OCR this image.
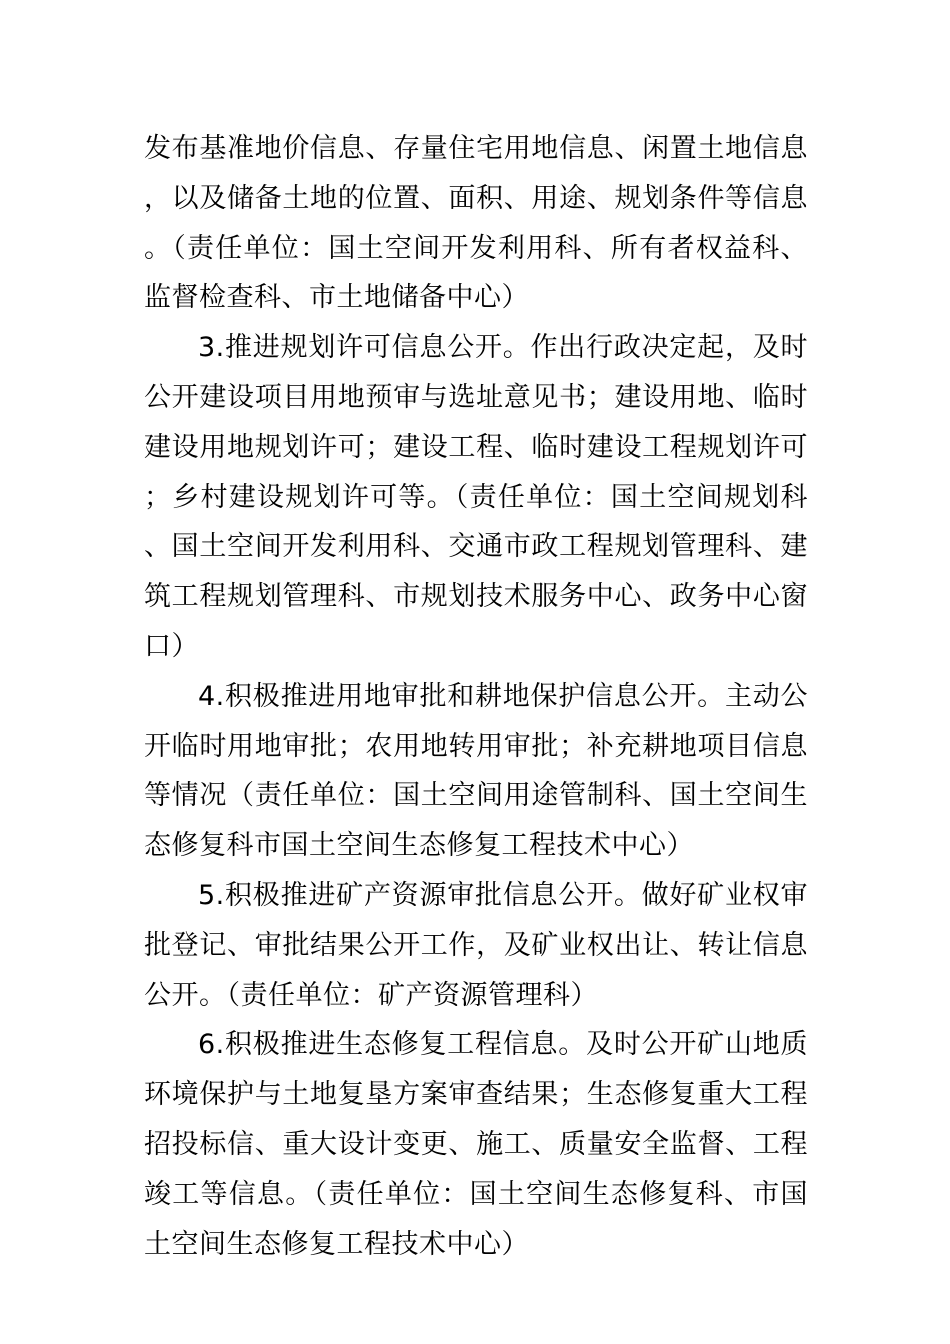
发布基准地价信息、存量住宅用地信息、闲置土地信息，以及储备土地的位置、面积、用途、规划条件等信息。（责任单位：国土空间开发利用科、所有者权益科、监督检查科、市土地储备中心）

3.推进规划许可信息公开。作出行政决定起，及时公开建设项目用地预审与选址意见书；建设用地、临时建设用地规划许可；建设工程、临时建设工程规划许可；乡村建设规划许可等。（责任单位：国土空间规划科、国土空间开发利用科、交通市政工程规划管理科、建筑工程规划管理科、市规划技术服务中心、政务中心窗口）

4.积极推进用地审批和耕地保护信息公开。主动公开临时用地审批；农用地转用审批；补充耕地项目信息等情况（责任单位：国土空间用途管制科、国土空间生态修复科市国土空间生态修复工程技术中心）

5.积极推进矿产资源审批信息公开。做好矿业权审批登记、审批结果公开工作，及矿业权出让、转让信息公开。（责任单位：矿产资源管理科）

6.积极推进生态修复工程信息。及时公开矿山地质环境保护与土地复垦方案审查结果；生态修复重大工程招投标信、重大设计变更、施工、质量安全监督、工程竣工等信息。（责任单位：国土空间生态修复科、市国土空间生态修复工程技术中心）
